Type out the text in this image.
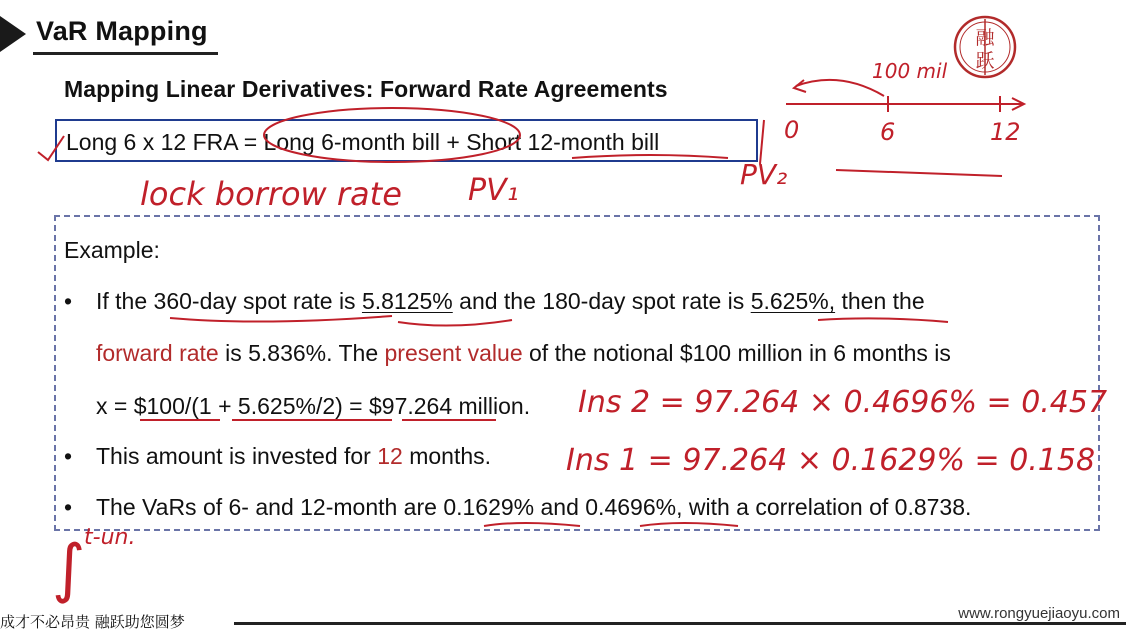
VaR Mapping	融
跃
Mapping Linear Derivatives: Forward Rate Agreements
Long 6 x 12 FRA = Long 6-month bill + Short 12-month bill
Example:
• If the 360-day spot rate is 5.8125% and the 180-day spot rate is 5.625%, then the
forward rate is 5.836%. The present value of the notional $100 million in 6 months is
x = $100/(1 + 5.625%/2) = $97.264 million.
• This amount is invested for 12 months.
• The VaRs of 6- and 12-month are 0.1629% and 0.4696%, with a correlation of 0.8738.
lock borrow rate PV₁
100 mil
0	6	12
PV₂
Ins 2 = 97.264 × 0.4696% = 0.457
Ins 1 = 97.264 × 0.1629% = 0.158
∫
t-un.
成才不必昂贵 融跃助您圆梦	www.rongyuejiaoyu.com
